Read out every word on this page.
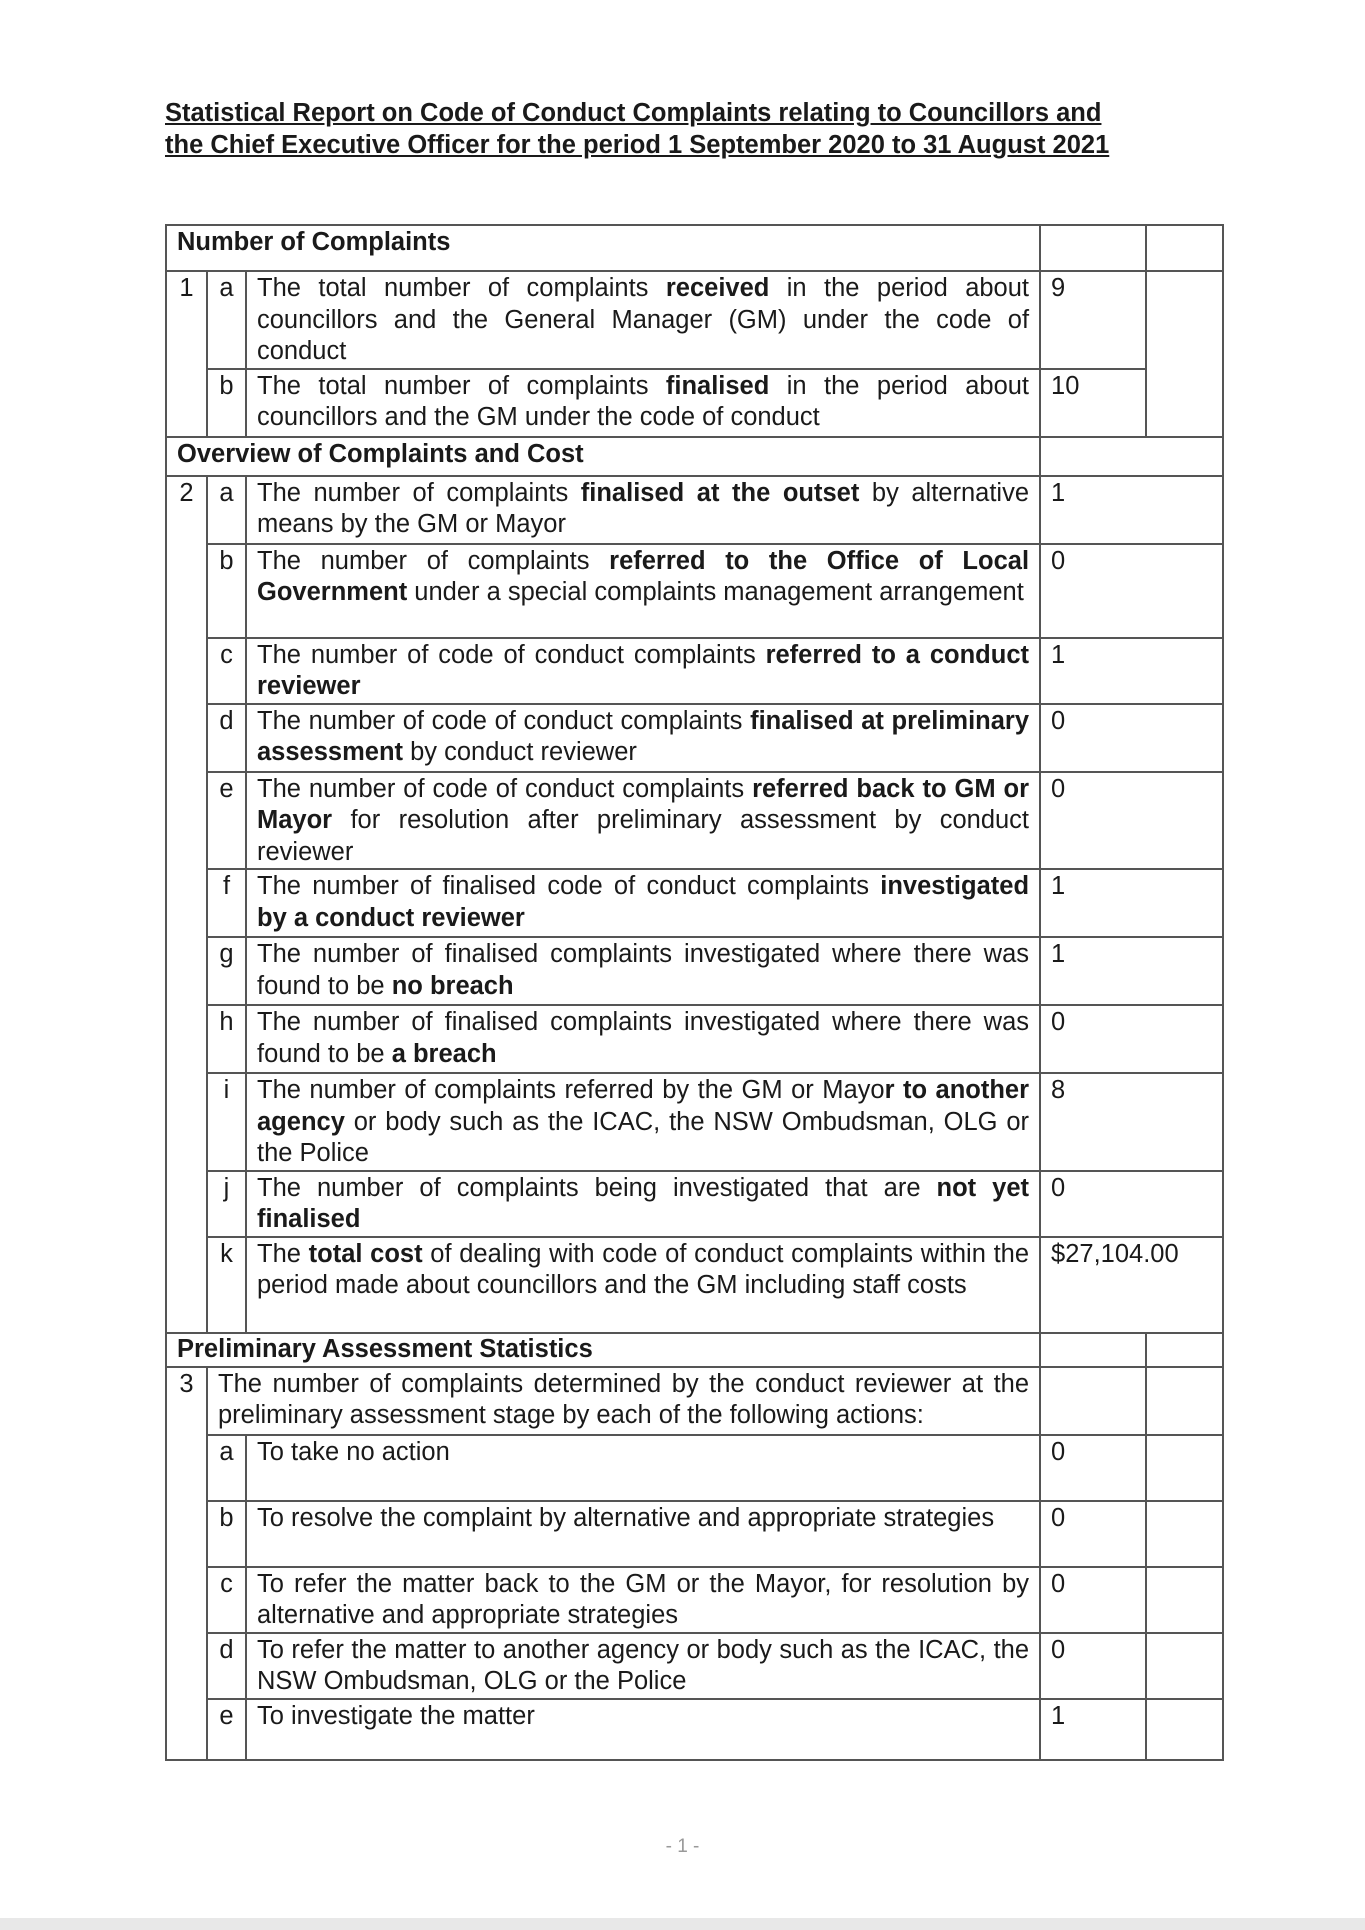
Statistical Report on Code of Conduct Complaints relating to Councillors and
the Chief Executive Officer for the period 1 September 2020 to 31 August 2021
Number of Complaints				
1	a	The total number of complaints received in the period about councillors and the General Manager (GM) under the code of conduct	9	
	b	The total number of complaints finalised in the period about councillors and the GM under the code of conduct	10	
Overview of Complaints and Cost				
2	a	The number of complaints finalised at the outset by alternative means by the GM or Mayor	1	
	b	The number of complaints referred to the Office of Local Government under a special complaints management arrangement	0	
	c	The number of code of conduct complaints referred to a conduct reviewer	1	
	d	The number of code of conduct complaints finalised at preliminary assessment by conduct reviewer	0	
	e	The number of code of conduct complaints referred back to GM or Mayor for resolution after preliminary assessment by conduct reviewer	0	
	f	The number of finalised code of conduct complaints investigated by a conduct reviewer	1	
	g	The number of finalised complaints investigated where there was found to be no breach	1	
	h	The number of finalised complaints investigated where there was found to be a breach	0	
	i	The number of complaints referred by the GM or Mayor to another agency or body such as the ICAC, the NSW Ombudsman, OLG or the Police	8	
	j	The number of complaints being investigated that are not yet finalised	0	
	k	The total cost of dealing with code of conduct complaints within the period made about councillors and the GM including staff costs	$27,104.00	
Preliminary Assessment Statistics				
3	The number of complaints determined by the conduct reviewer at the preliminary assessment stage by each of the following actions:			
	a	To take no action	0	
	b	To resolve the complaint by alternative and appropriate strategies	0	
	c	To refer the matter back to the GM or the Mayor, for resolution by alternative and appropriate strategies	0	
	d	To refer the matter to another agency or body such as the ICAC, the NSW Ombudsman, OLG or the Police	0	
	e	To investigate the matter	1	
- 1 -
